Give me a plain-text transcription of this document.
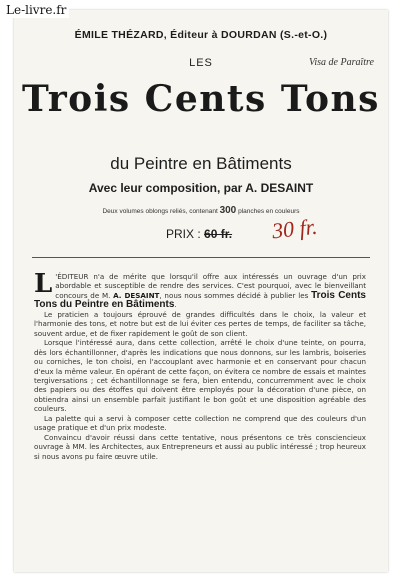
ÉMILE THÉZARD, Éditeur à DOURDAN (S.-et-O.)
LES	Visa de Paraître
Trois Cents Tons
du Peintre en Bâtiments
Avec leur composition, par A. DESAINT
Deux volumes oblongs reliés, contenant 300 planches en couleurs
PRIX : 60 fr. 30 fr.

L 'ÉDITEUR n'a de mérite que lorsqu'il offre aux intéressés un ouvrage d'un prix abordable et susceptible de rendre des services. C'est pourquoi, avec le bienveillant concours de M. A. DESAINT, nous nous sommes décidé à publier les Trois Cents Tons du Peintre en Bâtiments.

Le praticien a toujours éprouvé de grandes difficultés dans le choix, la valeur et l'harmonie des tons, et notre but est de lui éviter ces pertes de temps, de faciliter sa tâche, souvent ardue, et de fixer rapidement le goût de son client.

Lorsque l'intéressé aura, dans cette collection, arrêté le choix d'une teinte, on pourra, dès lors échantillonner, d'après les indications que nous donnons, sur les lambris, boiseries ou corniches, le ton choisi, en l'accouplant avec harmonie et en conservant pour chacun d'eux la même valeur. En opérant de cette façon, on évitera ce nombre de essais et maintes tergiversations ; cet échantillonnage se fera, bien entendu, concurremment avec le choix des papiers ou des étoffes qui doivent être employés pour la décoration d'une pièce, on obtiendra ainsi un ensemble parfait justifiant le bon goût et une disposition agréable des couleurs.

La palette qui a servi à composer cette collection ne comprend que des couleurs d'un usage pratique et d'un prix modeste.

Convaincu d'avoir réussi dans cette tentative, nous présentons ce très consciencieux ouvrage à MM. les Architectes, aux Entrepreneurs et aussi au public intéressé ; trop heureux si nous avons pu faire œuvre utile.

Le-livre.fr
